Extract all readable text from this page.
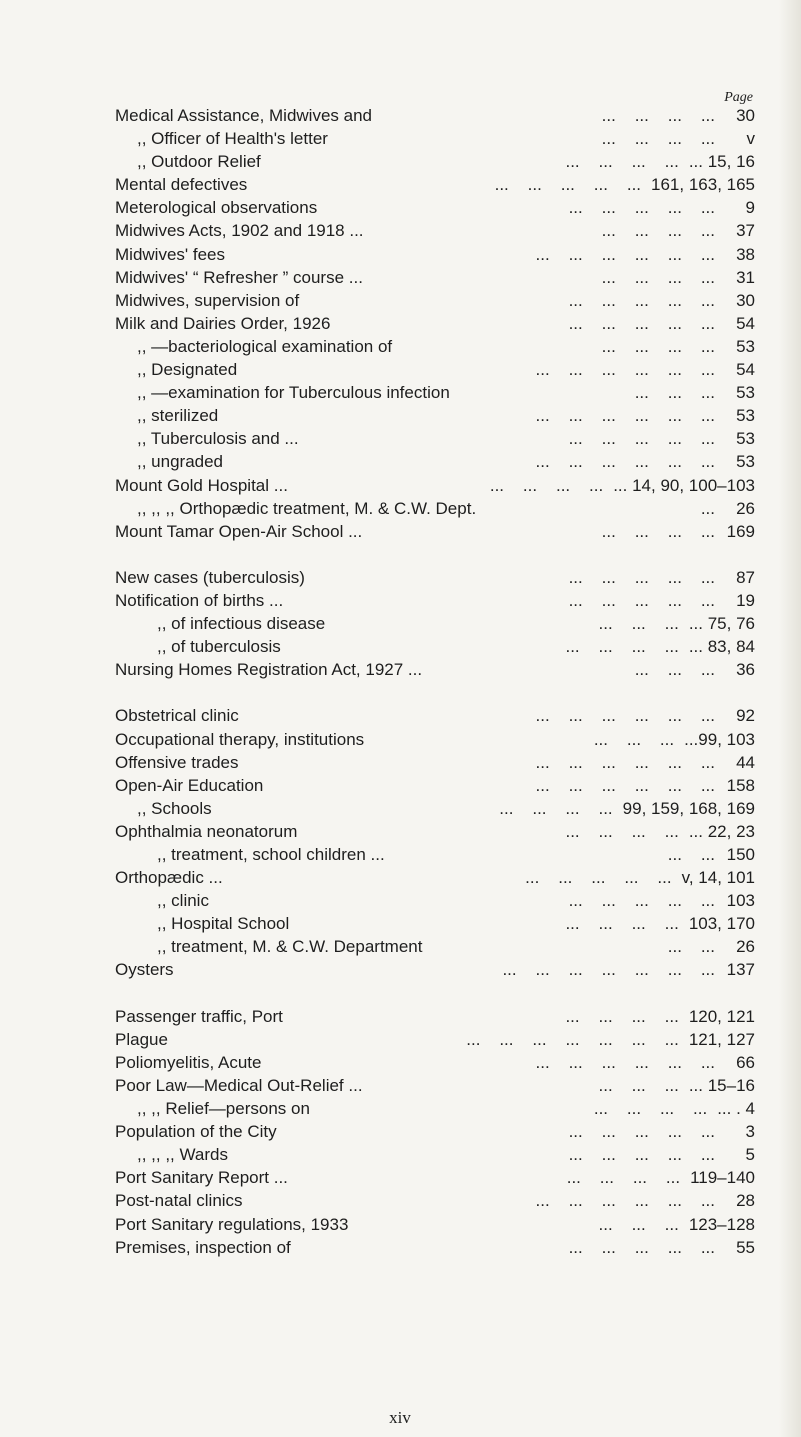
Page
Medical Assistance, Midwives and	...    ...    ...    ...	30
,, Officer of Health's letter	...    ...    ...    ...	v
,, Outdoor Relief	...    ...    ...    ... ... 15, 16
Mental defectives	...    ...    ...    ...    ... 161, 163, 165
Meterological observations	...    ...    ...    ...    ...	9
Midwives Acts, 1902 and 1918 ...	...    ...    ...    ...	37
Midwives' fees	...    ...    ...    ...    ...    ...	38
Midwives' “ Refresher ” course ...	...    ...    ...    ...	31
Midwives, supervision of	...    ...    ...    ...    ...	30
Milk and Dairies Order, 1926	...    ...    ...    ...    ...	54
,, —bacteriological examination of	...    ...    ...    ...	53
,, Designated	...    ...    ...    ...    ...    ...	54
,, —examination for Tuberculous infection	...    ...    ...	53
,, sterilized	...    ...    ...    ...    ...    ...	53
,, Tuberculosis and ...	...    ...    ...    ...    ...	53
,, ungraded	...    ...    ...    ...    ...    ...	53
Mount Gold Hospital ...	...    ...    ...    ... ... 14, 90, 100–103
,, ,, ,, Orthopædic treatment, M. & C.W. Dept.	...	26
Mount Tamar Open-Air School ...	...    ...    ...    ... 169
New cases (tuberculosis)	...    ...    ...    ...    ...	87
Notification of births ...	...    ...    ...    ...    ...	19
,, of infectious disease	...    ...    ... ... 75, 76
,, of tuberculosis	...    ...    ...    ... ... 83, 84
Nursing Homes Registration Act, 1927 ...	...    ...    ...	36
Obstetrical clinic	...    ...    ...    ...    ...    ...	92
Occupational therapy, institutions	...    ...    ... ...99, 103
Offensive trades	...    ...    ...    ...    ...    ...	44
Open-Air Education	...    ...    ...    ...    ...    ... 158
,, Schools	...    ...    ...    ... 99, 159, 168, 169
Ophthalmia neonatorum	...    ...    ...    ... ... 22, 23
,, treatment, school children ...	...    ... 150
Orthopædic ...	...    ...    ...    ...    ... v, 14, 101
,, clinic	...    ...    ...    ...    ... 103
,, Hospital School	...    ...    ...    ... 103, 170
,, treatment, M. & C.W. Department	...    ...	26
Oysters	...    ...    ...    ...    ...    ...    ... 137
Passenger traffic, Port	...    ...    ...    ... 120, 121
Plague	...    ...    ...    ...    ...    ...    ... 121, 127
Poliomyelitis, Acute	...    ...    ...    ...    ...    ...	66
Poor Law—Medical Out-Relief ...	...    ...    ... ... 15–16
,, ,, Relief—persons on	...    ...    ...    ... ... . 4
Population of the City	...    ...    ...    ...    ...	3
,, ,, ,, Wards	...    ...    ...    ...    ...	5
Port Sanitary Report ...	...    ...    ...    ... 119–140
Post-natal clinics	...    ...    ...    ...    ...    ...	28
Port Sanitary regulations, 1933	...    ...    ... 123–128
Premises, inspection of	...    ...    ...    ...    ...	55
xiv
